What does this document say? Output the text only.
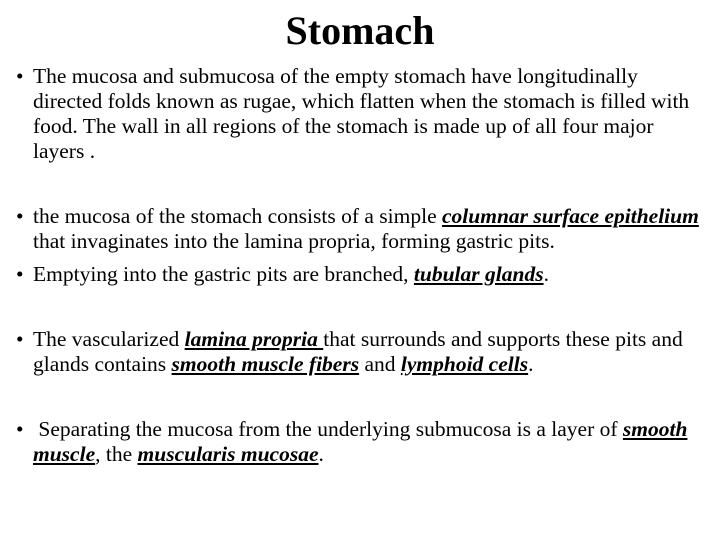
Stomach
• The mucosa and submucosa of the empty stomach have longitudinally directed folds known as rugae, which flatten when the stomach is filled with food. The wall in all regions of the stomach is made up of all four major layers .
• the mucosa of the stomach consists of a simple columnar surface epithelium that invaginates into the lamina propria, forming gastric pits.
• Emptying into the gastric pits are branched, tubular glands.
• The vascularized lamina propria that surrounds and supports these pits and glands contains smooth muscle fibers and lymphoid cells.
• Separating the mucosa from the underlying submucosa is a layer of smooth muscle, the muscularis mucosae.
